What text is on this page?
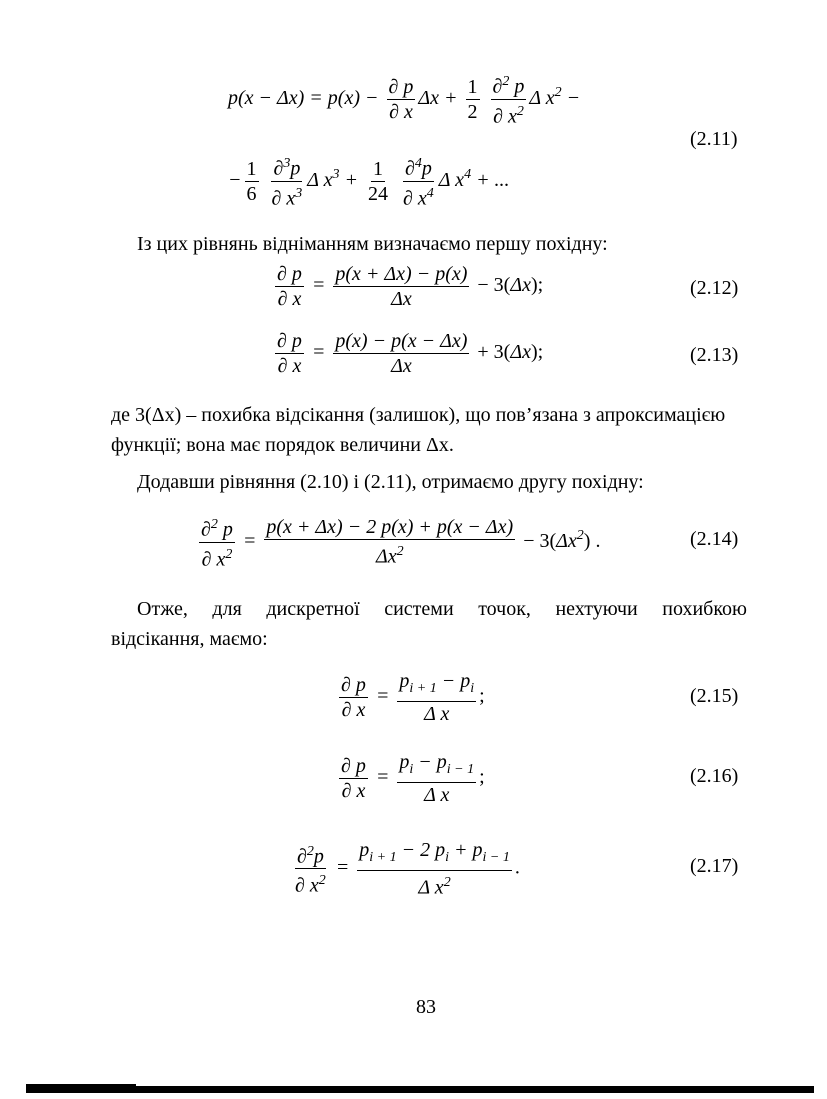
$p(x - \Delta x) = p(x) - \frac{\partial p}{\partial x}$ $\Delta x + \frac{1}{2}$
$\frac{\partial^2 p}{\partial x^2}$ Δ $x^2$ −
− $\frac{1}{6}$
$\frac{\partial^3p}{\partial x^3}$ Δ $x^3 + \frac{1}{24}$
$\frac{\partial^4p}{\partial x^4}$ Δ $x^4$ + ...
(2.11)
Із цих рівнянь відніманням визначаємо першу похідну:
$\frac{\partial p}{\partial x} = \frac{p(x + \Delta x) - p(x)}{\Delta x} - 3(\Delta x)$;	(2.12)
$\frac{\partial p}{\partial x} = \frac{p(x) - p(x - \Delta x)}{\Delta x} + 3(\Delta x)$;	(2.13)
де 3(Δx) – похибка відсікання (залишок), що пов’язана з апроксимацією
функції; вона має порядок величини Δx.
Додавши рівняння (2.10) і (2.11), отримаємо другу похідну:
$\frac{\partial^2 p}{\partial x^2} = \frac{p(x + \Delta x) - 2 p(x) + p(x - \Delta x)}{\Delta x^2} - 3(\Delta x^2)$ .	(2.14)
Отже, для дискретної системи точок, нехтуючи похибкою
відсікання, маємо:
$\frac{\partial p}{\partial x} = \frac{p_{i + 1} - p_i}{\text{Δ x}}$ ;	(2.15)
$\frac{\partial p}{\partial x} = \frac{p_i - p_{i - 1}}{\text{Δ x}}$ ;	(2.16)
$\frac{\partial^2p}{\partial x^2} = \frac{p_{i + 1} - 2 p_i + p_{i - 1}}{\Delta x^2}$ .	(2.17)
83
